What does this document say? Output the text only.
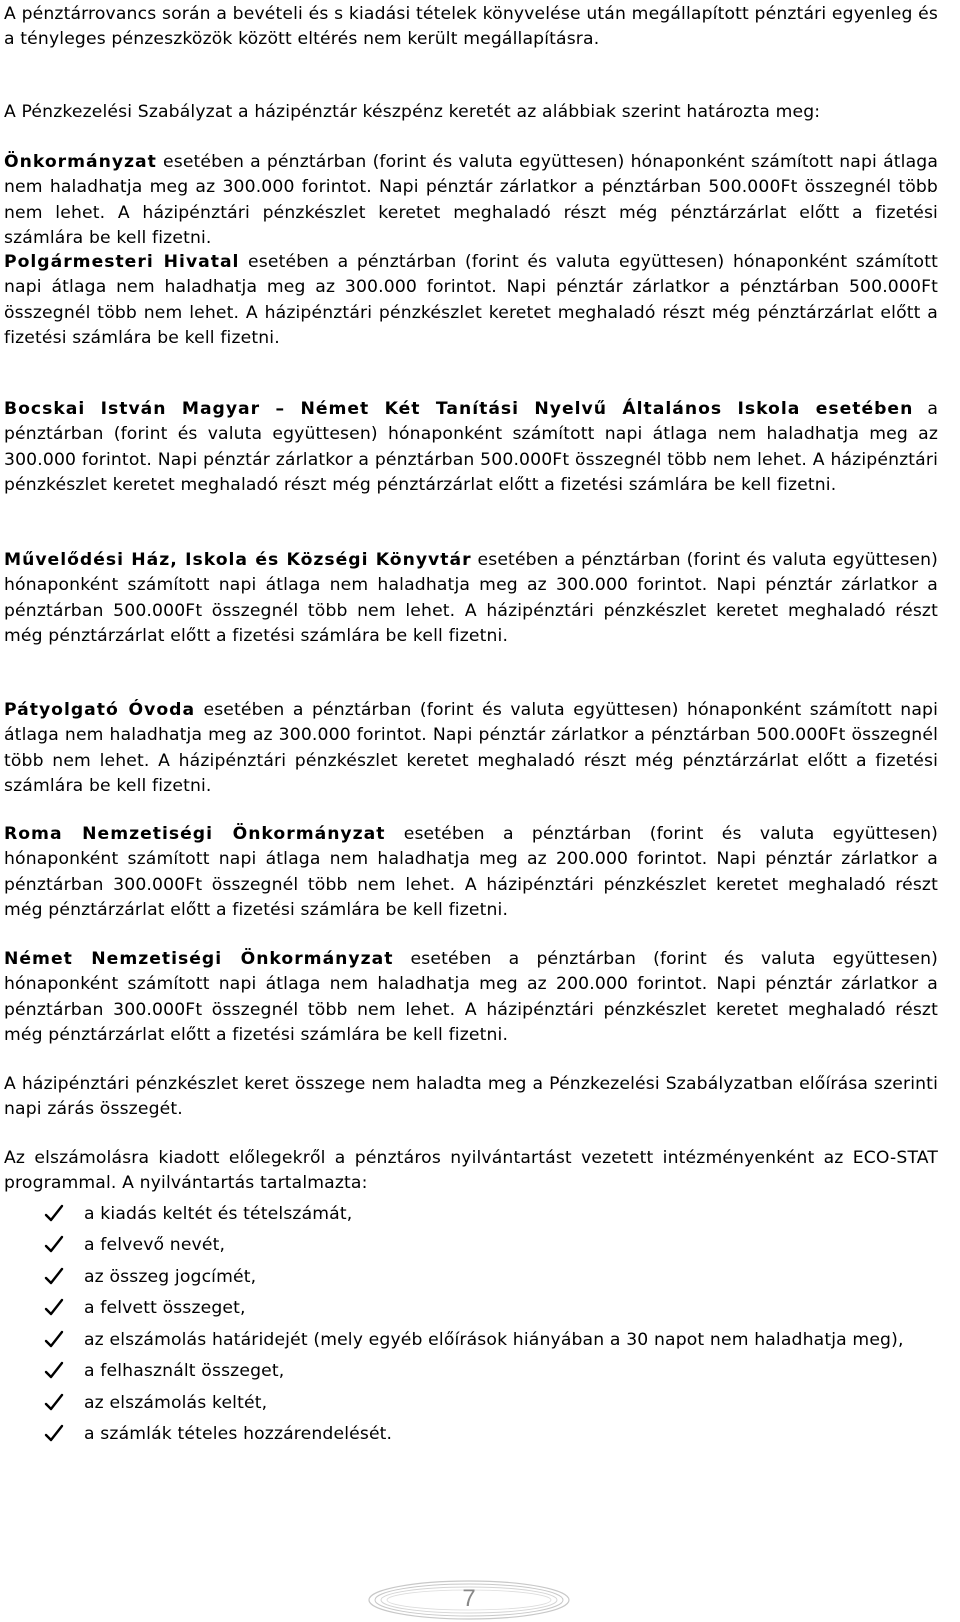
A pénztárrovancs során a bevételi és s kiadási tételek könyvelése után megállapított pénztári egyenleg és a tényleges pénzeszközök között eltérés nem került megállapításra.

A Pénzkezelési Szabályzat a házipénztár készpénz keretét az alábbiak szerint határozta meg:

Önkormányzat esetében a pénztárban (forint és valuta együttesen) hónaponként számított napi átlaga nem haladhatja meg az 300.000 forintot. Napi pénztár zárlatkor a pénztárban 500.000Ft összegnél több nem lehet. A házipénztári pénzkészlet keretet meghaladó részt még pénztárzárlat előtt a fizetési számlára be kell fizetni.

Polgármesteri Hivatal esetében a pénztárban (forint és valuta együttesen) hónaponként számított napi átlaga nem haladhatja meg az 300.000 forintot. Napi pénztár zárlatkor a pénztárban 500.000Ft összegnél több nem lehet. A házipénztári pénzkészlet keretet meghaladó részt még pénztárzárlat előtt a fizetési számlára be kell fizetni.

Bocskai István Magyar – Német Két Tanítási Nyelvű Általános Iskola esetében a pénztárban (forint és valuta együttesen) hónaponként számított napi átlaga nem haladhatja meg az 300.000 forintot. Napi pénztár zárlatkor a pénztárban 500.000Ft összegnél több nem lehet. A házipénztári pénzkészlet keretet meghaladó részt még pénztárzárlat előtt a fizetési számlára be kell fizetni.

Művelődési Ház, Iskola és Községi Könyvtár esetében a pénztárban (forint és valuta együttesen) hónaponként számított napi átlaga nem haladhatja meg az 300.000 forintot. Napi pénztár zárlatkor a pénztárban 500.000Ft összegnél több nem lehet. A házipénztári pénzkészlet keretet meghaladó részt még pénztárzárlat előtt a fizetési számlára be kell fizetni.

Pátyolgató Óvoda esetében a pénztárban (forint és valuta együttesen) hónaponként számított napi átlaga nem haladhatja meg az 300.000 forintot. Napi pénztár zárlatkor a pénztárban 500.000Ft összegnél több nem lehet. A házipénztári pénzkészlet keretet meghaladó részt még pénztárzárlat előtt a fizetési számlára be kell fizetni.

Roma Nemzetiségi Önkormányzat esetében a pénztárban (forint és valuta együttesen) hónaponként számított napi átlaga nem haladhatja meg az 200.000 forintot. Napi pénztár zárlatkor a pénztárban 300.000Ft összegnél több nem lehet. A házipénztári pénzkészlet keretet meghaladó részt még pénztárzárlat előtt a fizetési számlára be kell fizetni.

Német Nemzetiségi Önkormányzat esetében a pénztárban (forint és valuta együttesen) hónaponként számított napi átlaga nem haladhatja meg az 200.000 forintot. Napi pénztár zárlatkor a pénztárban 300.000Ft összegnél több nem lehet. A házipénztári pénzkészlet keretet meghaladó részt még pénztárzárlat előtt a fizetési számlára be kell fizetni.

A házipénztári pénzkészlet keret összege nem haladta meg a Pénzkezelési Szabályzatban előírása szerinti napi zárás összegét.

Az elszámolásra kiadott előlegekről a pénztáros nyilvántartást vezetett intézményenként az ECO-STAT programmal. A nyilvántartás tartalmazta:

a kiadás keltét és tételszámát,
a felvevő nevét,
az összeg jogcímét,
a felvett összeget,
az elszámolás határidejét (mely egyéb előírások hiányában a 30 napot nem haladhatja meg),
a felhasznált összeget,
az elszámolás keltét,
a számlák tételes hozzárendelését.
7
